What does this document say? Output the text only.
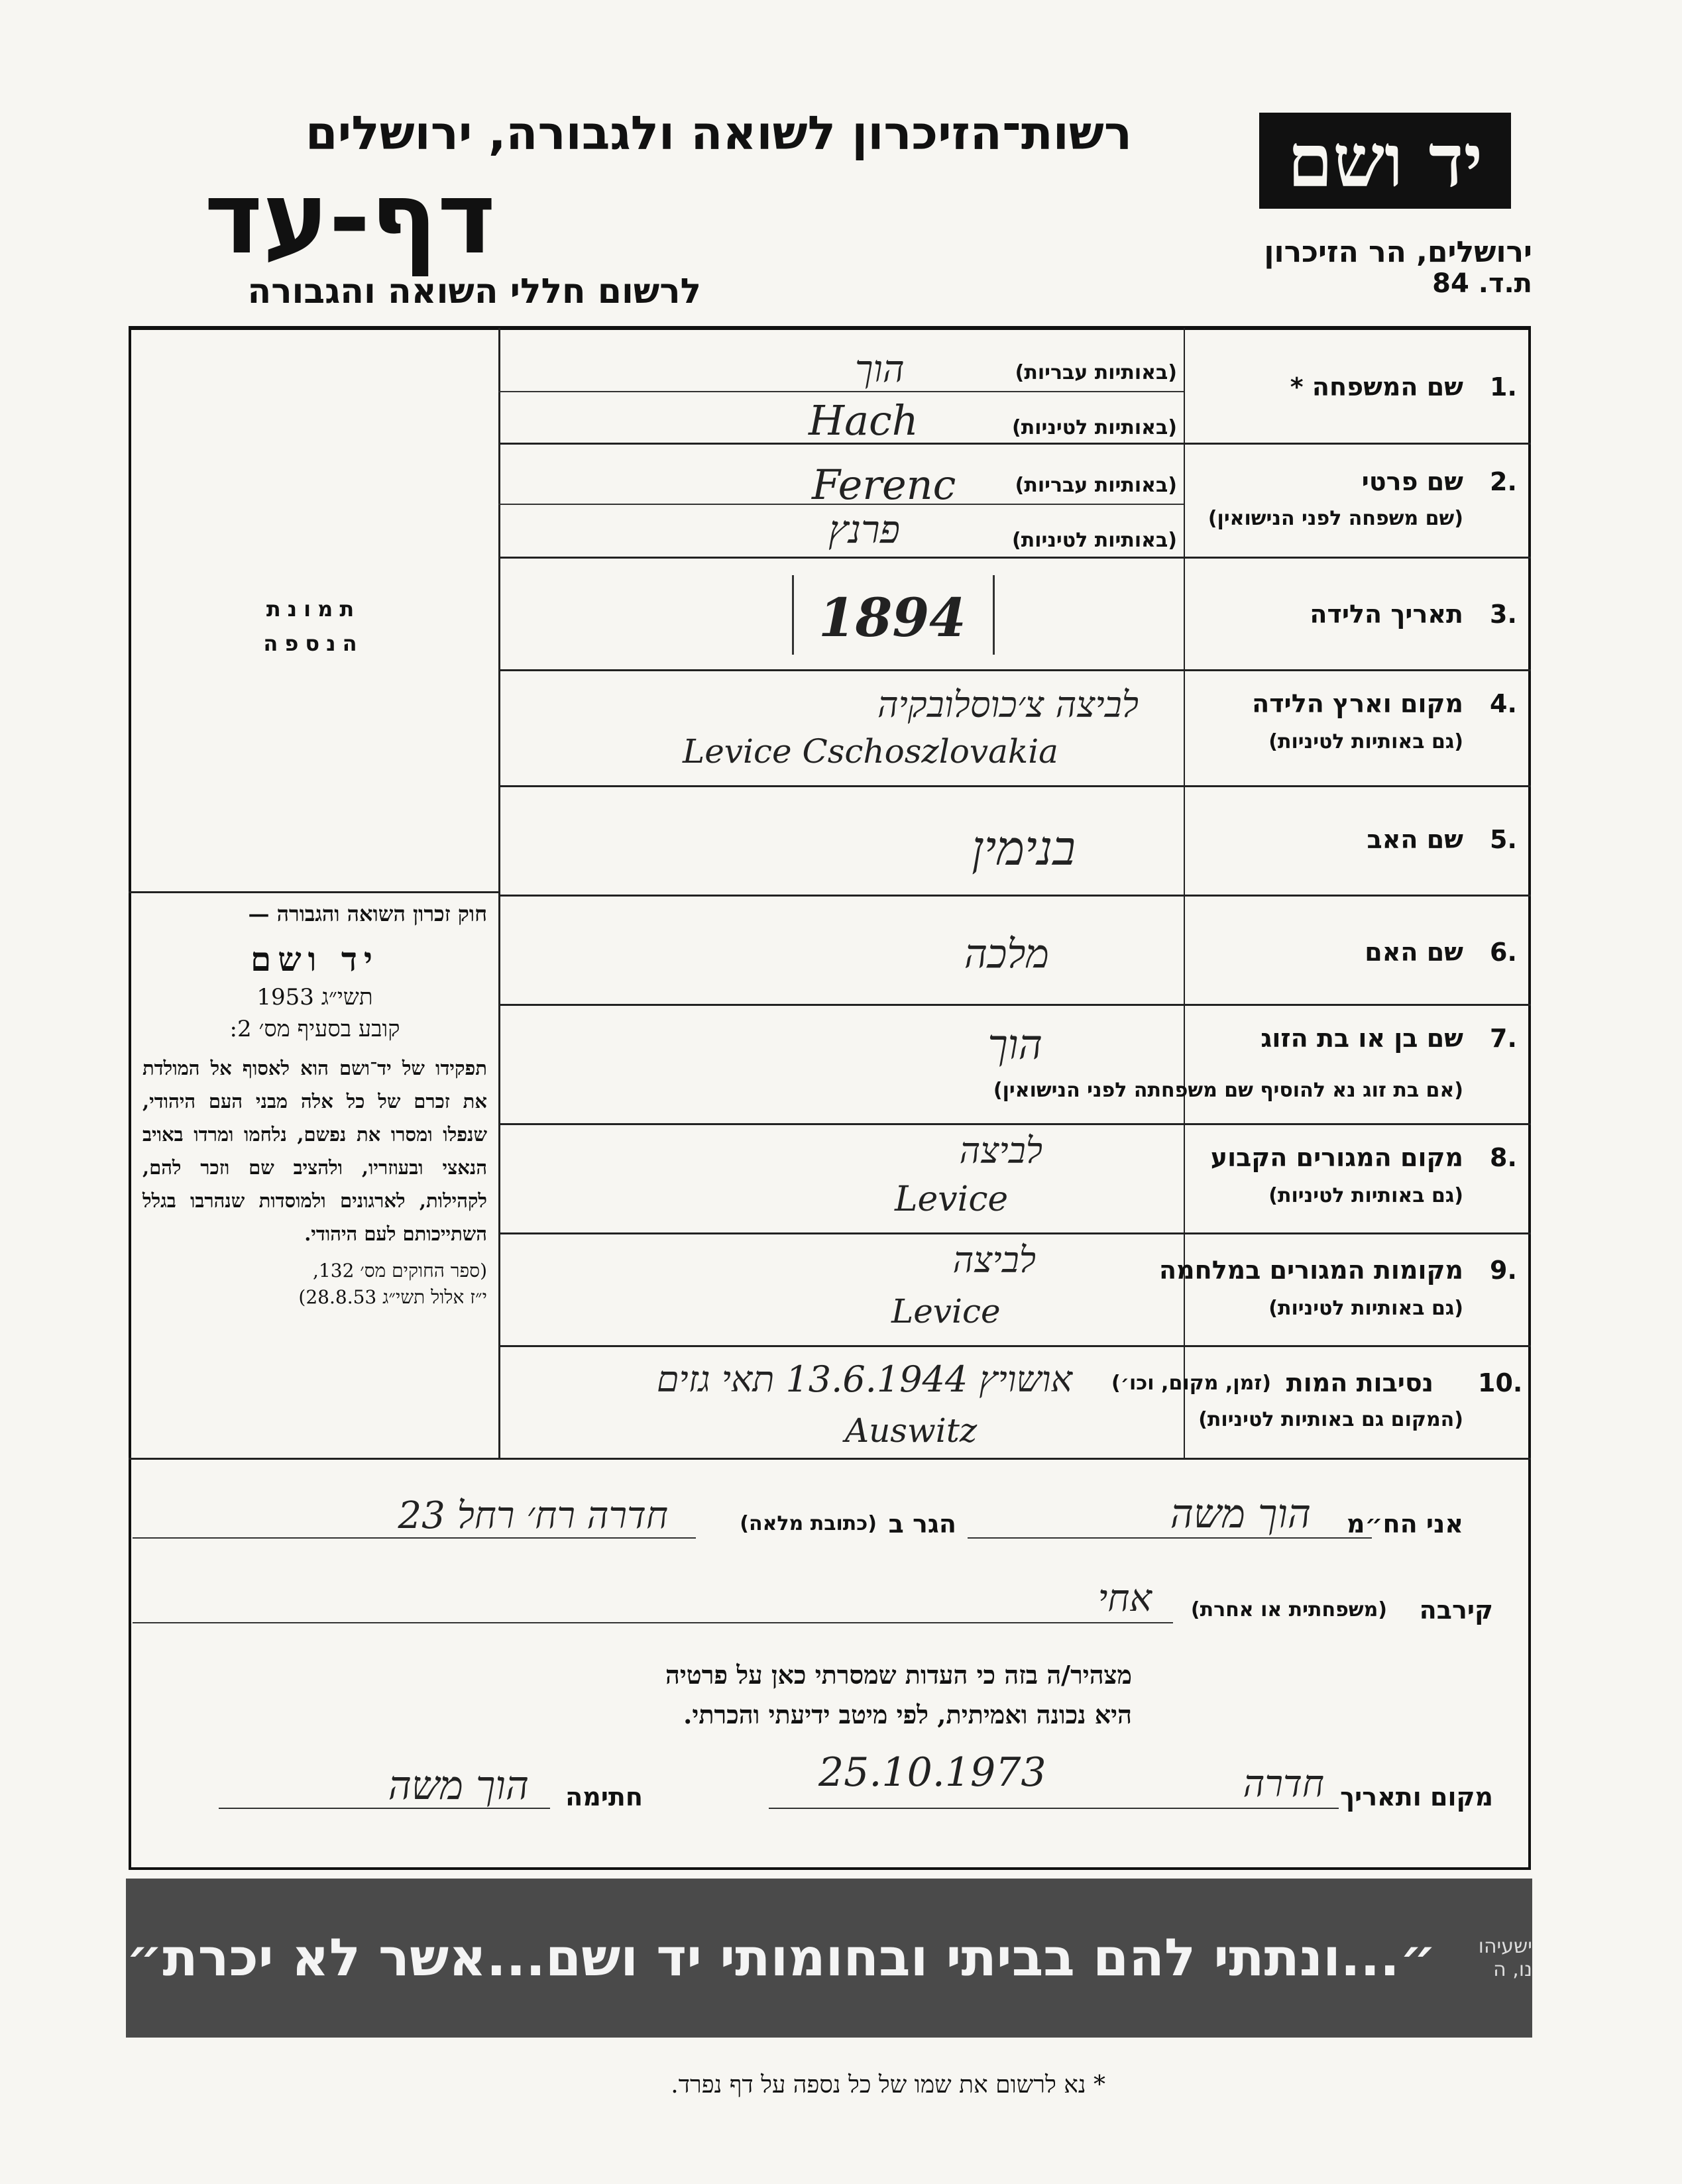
יד ושם
ירושלים, הר הזיכרון
ת.ד. 84
רשות־הזיכרון לשואה ולגבורה, ירושלים
דף-עד
לרשום חללי השואה והגבורה
תמונת
הנספה
חוק זכרון השואה והגבורה —
יד ושם
תשי״ג 1953
קובע בסעיף מס׳ 2:
תפקידו של יד־ושם הוא לאסוף אל המולדת את זכרם של כל אלה מבני העם היהודי, שנפלו ומסרו את נפשם, נלחמו ומרדו באויב הנאצי ובעוזריו, ולהציב שם וזכר להם, לקהילות, לארגונים ולמוסדות שנהרבו בגלל השתייכותם לעם היהודי.
(ספר החוקים מס׳ 132,
י״ז אלול תשי״ג 28.8.53)
1.
שם המשפחה *
(באותיות עבריות)
(באותיות לטיניות)
הוך
Hach
2.
שם פרטי
(שם משפחה לפני הנישואין)
(באותיות עבריות)
(באותיות לטיניות)
Ferenc
פרנץ
3.
תאריך הלידה
1894
4.
מקום וארץ הלידה
(גם באותיות לטיניות)
לביצה צ׳כוסלובקיה
Levice Cschoszlovakia
5.
שם האב
בנימין
6.
שם האם
מלכה
7.
שם בן או בת הזוג
(אם בת זוג נא להוסיף שם משפחתה לפני הנישואין)
הוך
8.
מקום המגורים הקבוע
(גם באותיות לטיניות)
לביצה
Levice
9.
מקומות המגורים במלחמה
(גם באותיות לטיניות)
לביצה
Levice
10.
נסיבות המות
(זמן, מקום, וכו׳)
(המקום גם באותיות לטיניות)
אושויץ 13.6.1944 תאי גזים
Auswitz
אני הח״מ
הוך משה
הגר ב
(כתובת מלאה)
חדרה רח׳ רחל 23
קירבה
(משפחתית או אחרת)
אחי
מצהיר/ה בזה כי העדות שמסרתי כאן על פרטיה
היא נכונה ואמיתית, לפי מיטב ידיעתי והכרתי.
מקום ותאריך
חדרה
25.10.1973
חתימה
הוך משה
ישעיהו נו, ה
״...ונתתי להם בביתי ובחומותי יד ושם...אשר לא יכרת״
* נא לרשום את שמו של כל נספה על דף נפרד.
